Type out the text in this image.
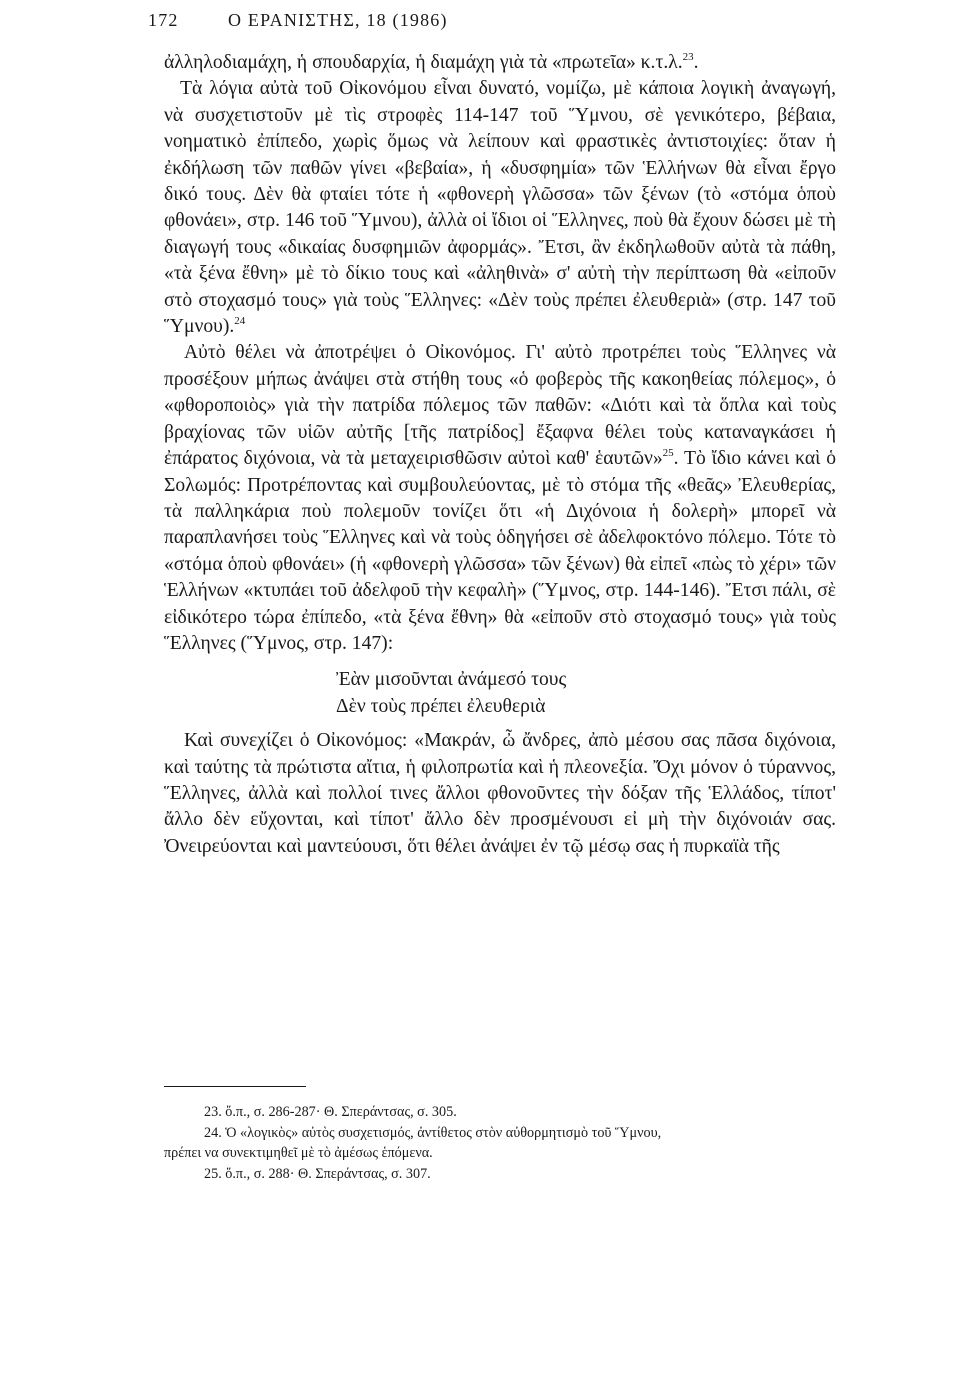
172	Ο ΕΡΑΝΙΣΤΗΣ, 18 (1986)

ἀλληλοδιαμάχη, ἡ σπουδαρχία, ἡ διαμάχη γιὰ τὰ «πρωτεῖα» κ.τ.λ.$^{23}$.

Τὰ λόγια αὐτὰ τοῦ Οἰκονόμου εἶναι δυνατό, νομίζω, μὲ κάποια λογικὴ ἀναγωγή, νὰ συσχετιστοῦν μὲ τὶς στροφὲς 114-147 τοῦ Ὕμνου, σὲ γενικότερο, βέβαια, νοηματικὸ ἐπίπεδο, χωρὶς ὅμως νὰ λείπουν καὶ φραστικὲς ἀντιστοιχίες: ὅταν ἡ ἐκδήλωση τῶν παθῶν γίνει «βεβαία», ἡ «δυσφημία» τῶν Ἑλλήνων θὰ εἶναι ἔργο δικό τους. Δὲν θὰ φταίει τότε ἡ «φθονερὴ γλῶσσα» τῶν ξένων (τὸ «στόμα ὁποὺ φθονάει», στρ. 146 τοῦ Ὕμνου), ἀλλὰ οἱ ἴδιοι οἱ Ἕλληνες, ποὺ θὰ ἔχουν δώσει μὲ τὴ διαγωγή τους «δικαίας δυσφημιῶν ἀφορμάς». Ἔτσι, ἂν ἐκδηλωθοῦν αὐτὰ τὰ πάθη, «τὰ ξένα ἔθνη» μὲ τὸ δίκιο τους καὶ «ἀληθινὰ» σ' αὐτὴ τὴν περίπτωση θὰ «εἰποῦν στὸ στοχασμό τους» γιὰ τοὺς Ἕλληνες: «Δὲν τοὺς πρέπει ἐλευθεριὰ» (στρ. 147 τοῦ Ὕμνου).$^{24}$

Αὐτὸ θέλει νὰ ἀποτρέψει ὁ Οἰκονόμος. Γι' αὐτὸ προτρέπει τοὺς Ἕλληνες νὰ προσέξουν μήπως ἀνάψει στὰ στήθη τους «ὁ φοβερὸς τῆς κακοηθείας πόλεμος», ὁ «φθοροποιὸς» γιὰ τὴν πατρίδα πόλεμος τῶν παθῶν: «Διότι καὶ τὰ ὅπλα καὶ τοὺς βραχίονας τῶν υἱῶν αὐτῆς [τῆς πατρίδος] ἔξαφνα θέλει τοὺς καταναγκάσει ἡ ἐπάρατος διχόνοια, νὰ τὰ μεταχειρισθῶσιν αὐτοὶ καθ' ἑαυτῶν»$^{25}$. Τὸ ἴδιο κάνει καὶ ὁ Σολωμός: Προτρέποντας καὶ συμβουλεύοντας, μὲ τὸ στόμα τῆς «θεᾶς» Ἐλευθερίας, τὰ παλληκάρια ποὺ πολεμοῦν τονίζει ὅτι «ἡ Διχόνοια ἡ δολερὴ» μπορεῖ νὰ παραπλανήσει τοὺς Ἕλληνες καὶ νὰ τοὺς ὁδηγήσει σὲ ἀδελφοκτόνο πόλεμο. Τότε τὸ «στόμα ὁποὺ φθονάει» (ἡ «φθονερὴ γλῶσσα» τῶν ξένων) θὰ εἰπεῖ «πὼς τὸ χέρι» τῶν Ἑλλήνων «κτυπάει τοῦ ἀδελφοῦ τὴν κεφαλὴ» (Ὕμνος, στρ. 144-146). Ἔτσι πάλι, σὲ εἰδικότερο τώρα ἐπίπεδο, «τὰ ξένα ἔθνη» θὰ «εἰποῦν στὸ στοχασμό τους» γιὰ τοὺς Ἕλληνες (Ὕμνος, στρ. 147):

Ἐὰν μισοῦνται ἀνάμεσό τους
Δὲν τοὺς πρέπει ἐλευθεριὰ

Καὶ συνεχίζει ὁ Οἰκονόμος: «Μακράν, ὦ ἄνδρες, ἀπὸ μέσου σας πᾶσα διχόνοια, καὶ ταύτης τὰ πρώτιστα αἴτια, ἡ φιλοπρωτία καὶ ἡ πλεονεξία. Ὄχι μόνον ὁ τύραννος, Ἕλληνες, ἀλλὰ καὶ πολλοί τινες ἄλλοι φθονοῦντες τὴν δόξαν τῆς Ἑλλάδος, τίποτ' ἄλλο δὲν εὔχονται, καὶ τίποτ' ἄλλο δὲν προσμένουσι εἰ μὴ τὴν διχόνοιάν σας. Ὀνειρεύονται καὶ μαντεύουσι, ὅτι θέλει ἀνάψει ἐν τῷ μέσῳ σας ἡ πυρκαϊὰ τῆς

23. ὅ.π., σ. 286-287· Θ. Σπεράντσας, σ. 305.

24. Ὁ «λογικὸς» αὐτὸς συσχετισμός, ἀντίθετος στὸν αὐθορμητισμὸ τοῦ Ὕμνου,

πρέπει να συνεκτιμηθεῖ μὲ τὸ ἀμέσως ἑπόμενα.

25. ὅ.π., σ. 288· Θ. Σπεράντσας, σ. 307.
